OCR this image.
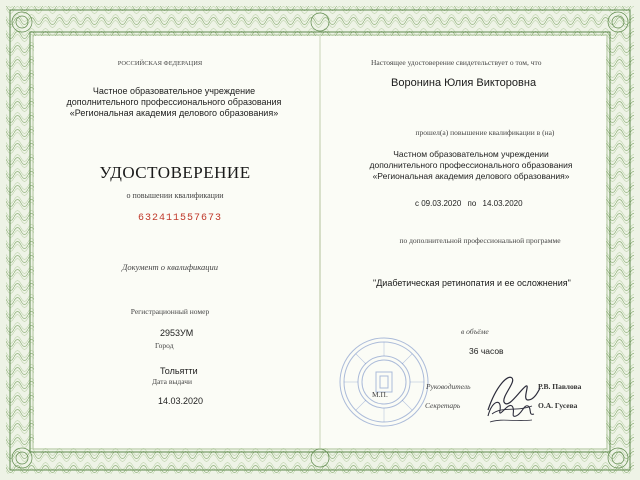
РОССИЙСКАЯ ФЕДЕРАЦИЯ
Частное образовательное учреждение
дополнительного профессионального образования
«Региональная академия делового образования»
УДОСТОВЕРЕНИЕ
о повышении квалификации
632411557673
Документ о квалификации
Регистрационный номер
2953УМ
Город
Тольятти
Дата выдачи
14.03.2020
Настоящее удостоверение свидетельствует о том, что
Воронина Юлия Викторовна
прошел(а) повышение квалификации в (на)
Частном образовательном учреждении
дополнительного профессионального образования
«Региональная академия делового образования»
с 09.03.2020 по 14.03.2020
по дополнительной профессиональной программе
"Диабетическая ретинопатия и ее осложнения"
в объёме
36 часов
М.П.
Руководитель
Секретарь
Р.В. Павлова
О.А. Гусева
